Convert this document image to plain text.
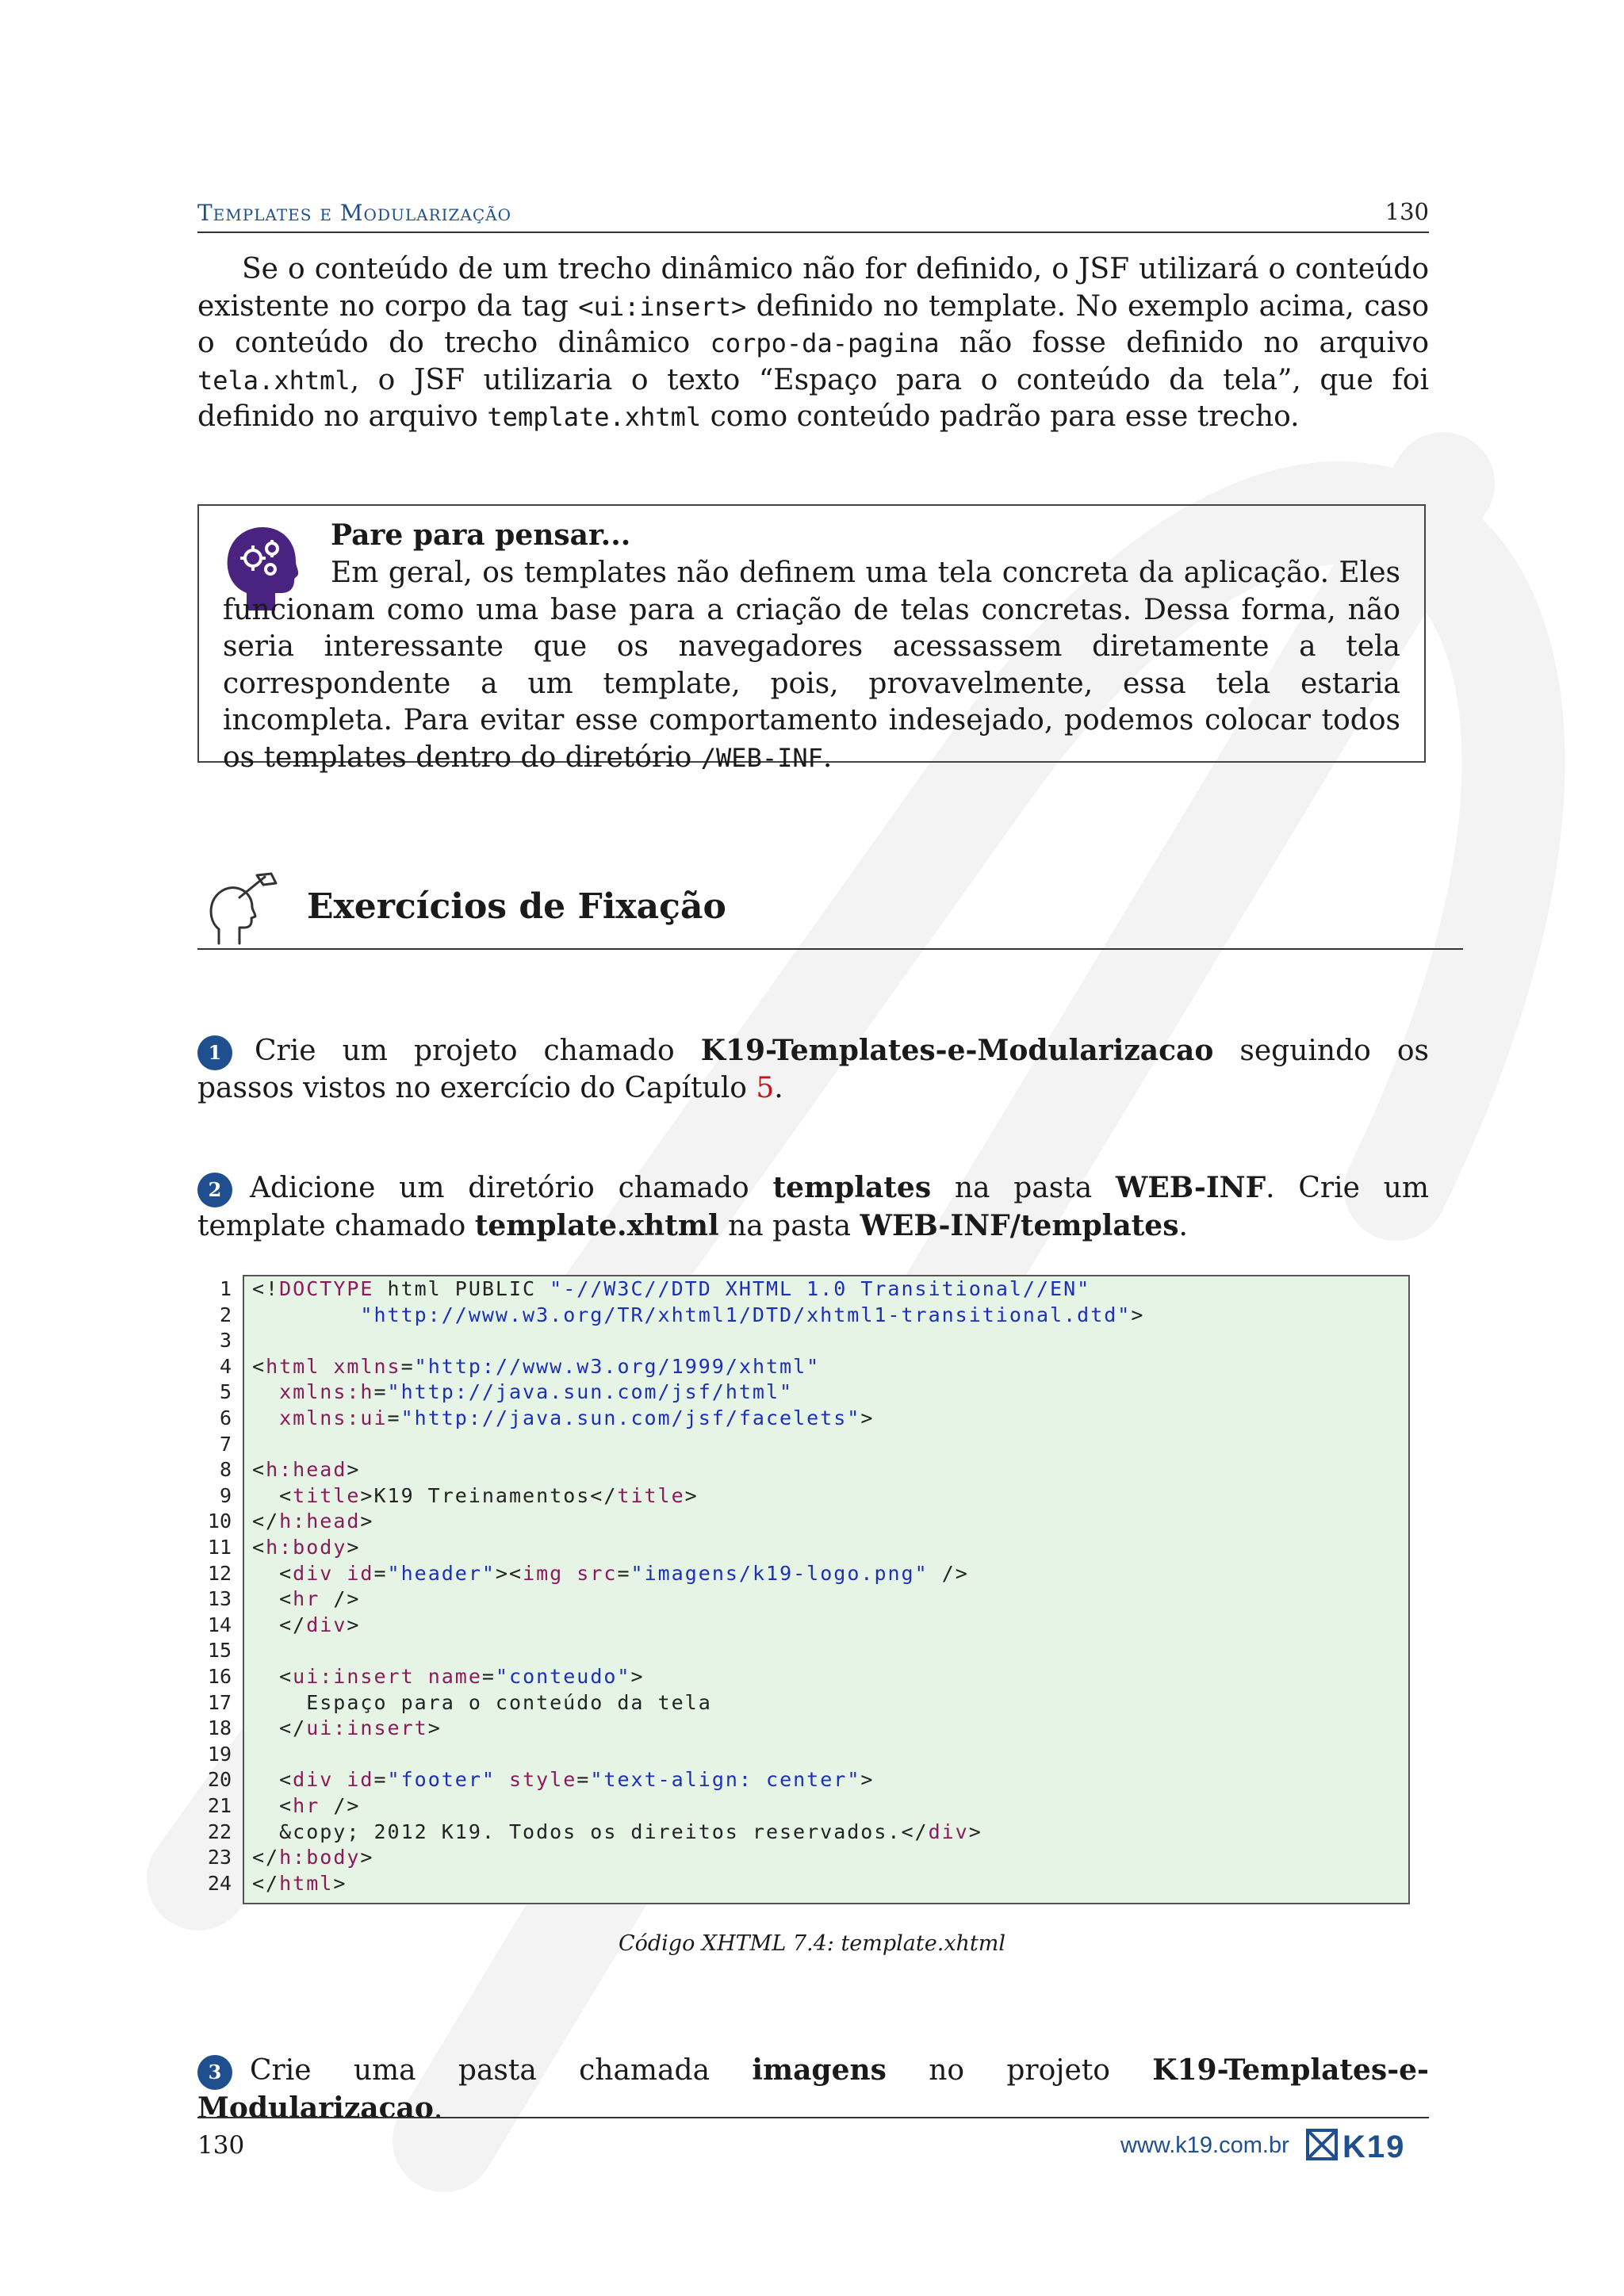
Templates e Modularização	130
Se o conteúdo de um trecho dinâmico não for definido, o JSF utilizará o conteúdo existente no corpo da tag <ui:insert> definido no template. No exemplo acima, caso o conteúdo do trecho dinâmico corpo-da-pagina não fosse definido no arquivo tela.xhtml, o JSF utilizaria o texto “Espaço para o conteúdo da tela”, que foi definido no arquivo template.xhtml como conteúdo padrão para esse trecho.
Pare para pensar...
Em geral, os templates não definem uma tela concreta da aplicação. Eles funcionam como uma base para a criação de telas concretas. Dessa forma, não seria interessante que os navegadores acessassem diretamente a tela correspondente a um template, pois, provavelmente, essa tela estaria incompleta. Para evitar esse comportamento indesejado, podemos colocar todos os templates dentro do diretório /WEB-INF.
Exercícios de Fixação
1	Crie um projeto chamado K19-Templates-e-Modularizacao seguindo os passos vistos no exercício do Capítulo 5.
2 Adicione um diretório chamado templates na pasta WEB-INF. Crie um template chamado template.xhtml na pasta WEB-INF/templates.
1 <!DOCTYPE html PUBLIC "-//W3C//DTD XHTML 1.0 Transitional//EN"
2	"http://www.w3.org/TR/xhtml1/DTD/xhtml1-transitional.dtd">
3
4 <html xmlns="http://www.w3.org/1999/xhtml"
5	xmlns:h="http://java.sun.com/jsf/html"
6	xmlns:ui="http://java.sun.com/jsf/facelets">
7
8 <h:head>
9 <title>K19 Treinamentos</title>
10 </h:head>
11 <h:body>
12 <div id="header"><img src="imagens/k19-logo.png" />
13 <hr />
14 </div>
15
16 <ui:insert name="conteudo">
17 Espaço para o conteúdo da tela
18 </ui:insert>
19
20 <div id="footer" style="text-align: center">
21 <hr />
22 &copy; 2012 K19. Todos os direitos reservados.</div>
23 </h:body>
24 </html>
Código XHTML 7.4: template.xhtml
3 Crie uma pasta chamada imagens no projeto K19-Templates-e-Modularizacao.
130	www.k19.com.br K19
